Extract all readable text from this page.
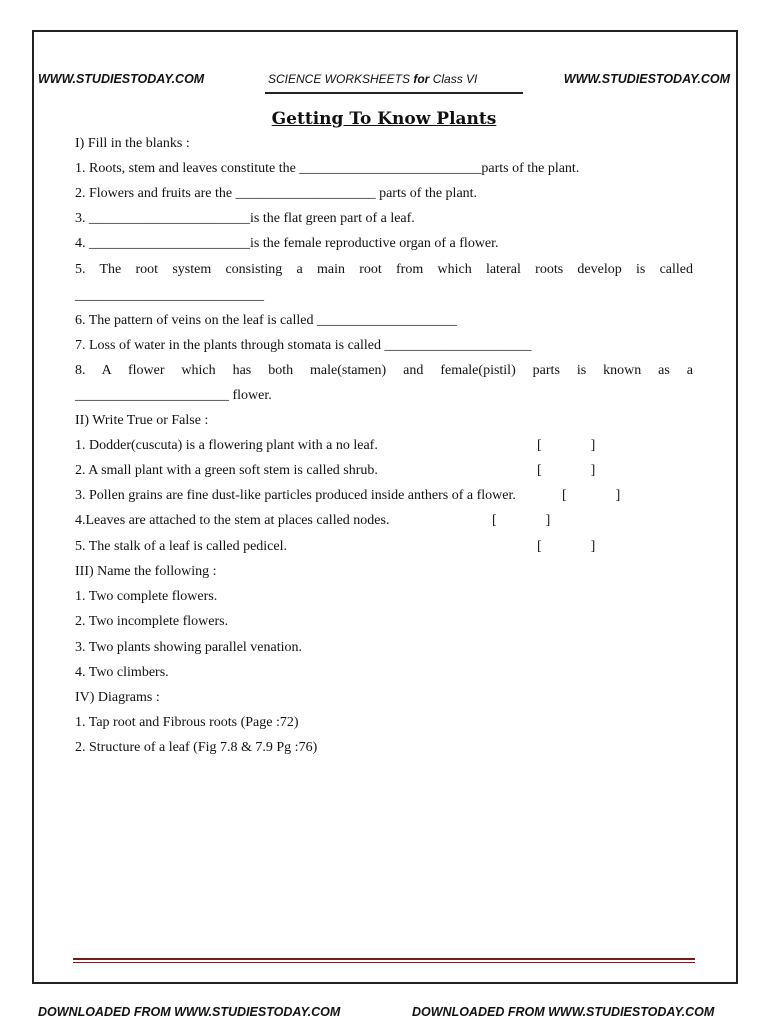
WWW.STUDIESTODAY.COM	SCIENCE WORKSHEETS for Class VI	WWW.STUDIESTODAY.COM
Getting To Know Plants
I) Fill in the blanks :
1. Roots, stem and leaves constitute the __________________________parts of the plant.
2. Flowers and fruits are the ____________________ parts of the plant.
3. _______________________is the flat green part of a leaf.
4. _______________________is the female reproductive organ of a flower.
5. The root system consisting a main root from which lateral roots develop is called
___________________________
6. The pattern of veins on the leaf is called ____________________
7. Loss of water in the plants through stomata is called _____________________
8. A flower which has both male(stamen) and female(pistil) parts is known as a
______________________ flower.
II) Write True or False :
1. Dodder(cuscuta) is a flowering plant with a no leaf.	[              ]
2. A small plant with a green soft stem is called shrub.	[              ]
3. Pollen grains are fine dust-like particles produced inside anthers of a flower.	[              ]
4.Leaves are attached to the stem at places called nodes.	[              ]
5. The stalk of a leaf is called pedicel.	[              ]
III) Name the following :
1. Two complete flowers.
2. Two incomplete flowers.
3. Two plants showing parallel venation.
4. Two climbers.
IV) Diagrams :
1. Tap root and Fibrous roots (Page :72)
2. Structure of a leaf (Fig 7.8 & 7.9 Pg :76)
DOWNLOADED FROM WWW.STUDIESTODAY.COM	DOWNLOADED FROM WWW.STUDIESTODAY.COM
